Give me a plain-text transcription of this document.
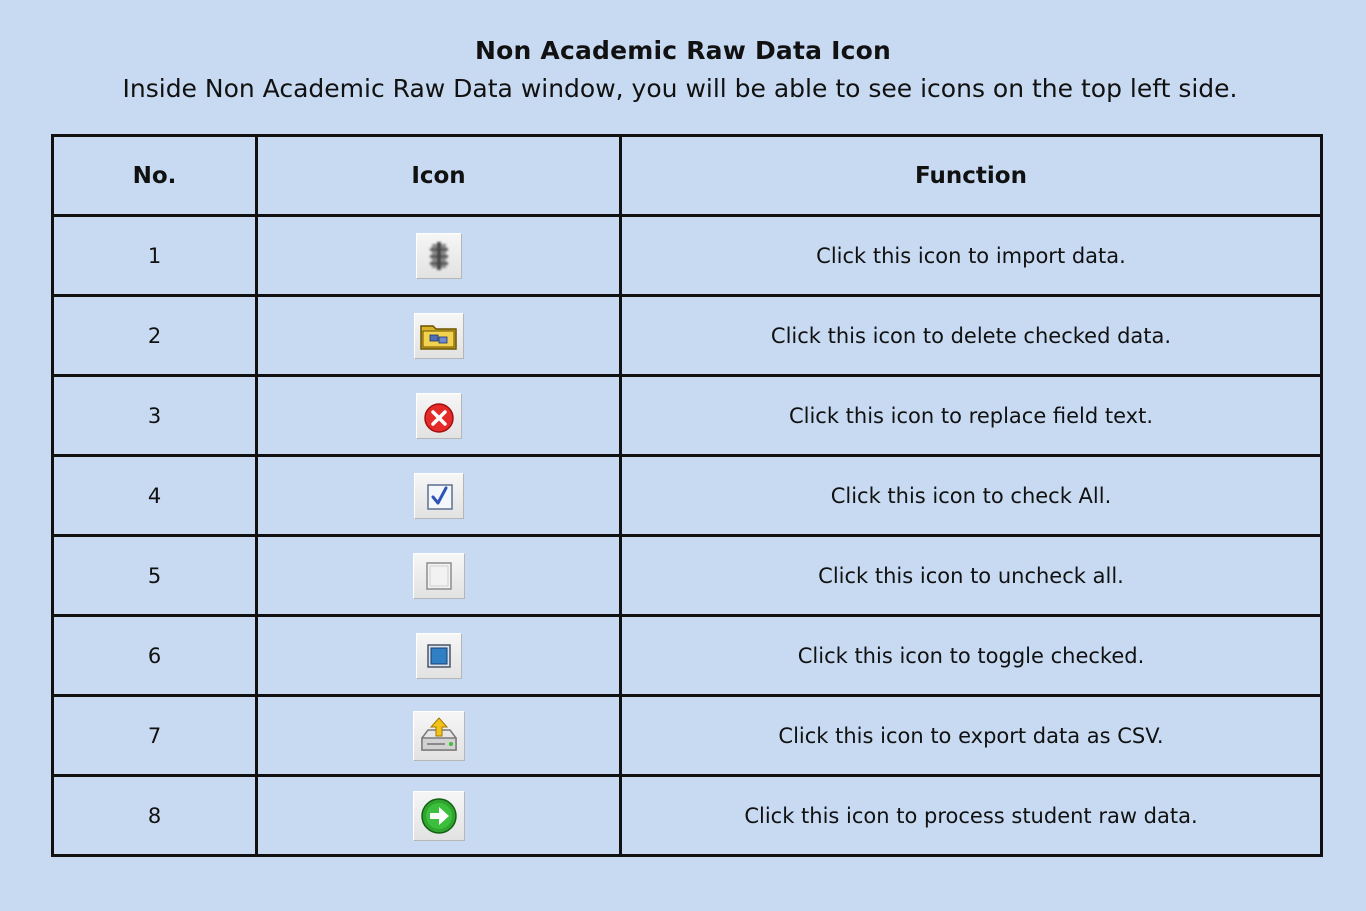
Non Academic Raw Data Icon
Inside Non Academic Raw Data window, you will be able to see icons on the top left side.
No.	Icon	Function
1		Click this icon to import data.
2		Click this icon to delete checked data.
3		Click this icon to replace field text.
4		Click this icon to check All.
5		Click this icon to uncheck all.
6		Click this icon to toggle checked.
7		Click this icon to export data as CSV.
8		Click this icon to process student raw data.
